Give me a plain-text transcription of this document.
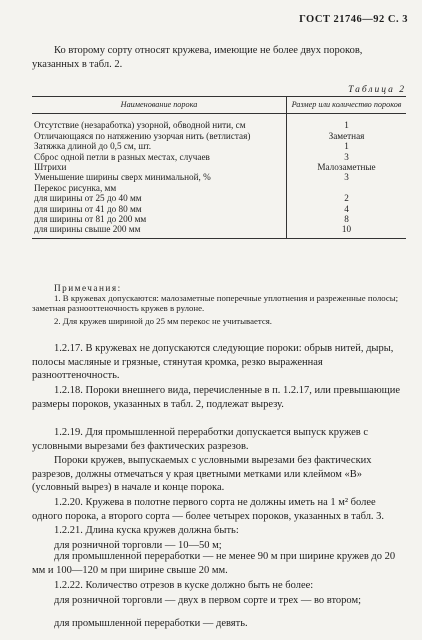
ГОСТ 21746—92 С. 3
Ко второму сорту относят кружева, имеющие не более двух пороков, указанных в табл. 2.
Таблица 2
Наименование порока	Размер или количество пороков
Отсутствие (незаработка) узорной, обводной нити, см	1
Отличающаяся по натяжению узорчая нить (ветлистая)	Заметная
Затяжка длиной до 0,5 см, шт.	1
Сброс одной петли в разных местах, случаев	3
Штрихи	Малозаметные
Уменьшение ширины сверх минимальной, %	3
Перекос рисунка, мм	
для ширины от 25 до 40 мм	2
для ширины от 41 до 80 мм	4
для ширины от 81 до 200 мм	8
для ширины свыше 200 мм	10
Примечания:
1. В кружевах допускаются: малозаметные поперечные уплотнения и разреженные полосы; заметная разнооттеночность кружев в рулоне.
2. Для кружев шириной до 25 мм перекос не учитывается.
1.2.17. В кружевах не допускаются следующие пороки: обрыв нитей, дыры, полосы масляные и грязные, стянутая кромка, резко выраженная разнооттеночность.
1.2.18. Пороки внешнего вида, перечисленные в п. 1.2.17, или превышающие размеры пороков, указанных в табл. 2, подлежат вырезу.
1.2.19. Для промышленной переработки допускается выпуск кружев с условными вырезами без фактических разрезов.
Пороки кружев, выпускаемых с условными вырезами без фактических разрезов, должны отмечаться у края цветными метками или клеймом «В» (условный вырез) в начале и конце порока.
1.2.20. Кружева в полотне первого сорта не должны иметь на 1 м² более одного порока, а второго сорта — более четырех пороков, указанных в табл. 3.
1.2.21. Длина куска кружев должна быть:
для розничной торговли — 10—50 м;
для промышленной переработки — не менее 90 м при ширине кружев до 20 мм и 100—120 м при ширине свыше 20 мм.
1.2.22. Количество отрезов в куске должно быть не более:
для розничной торговли — двух в первом сорте и трех — во втором;
для промышленной переработки — девять.
